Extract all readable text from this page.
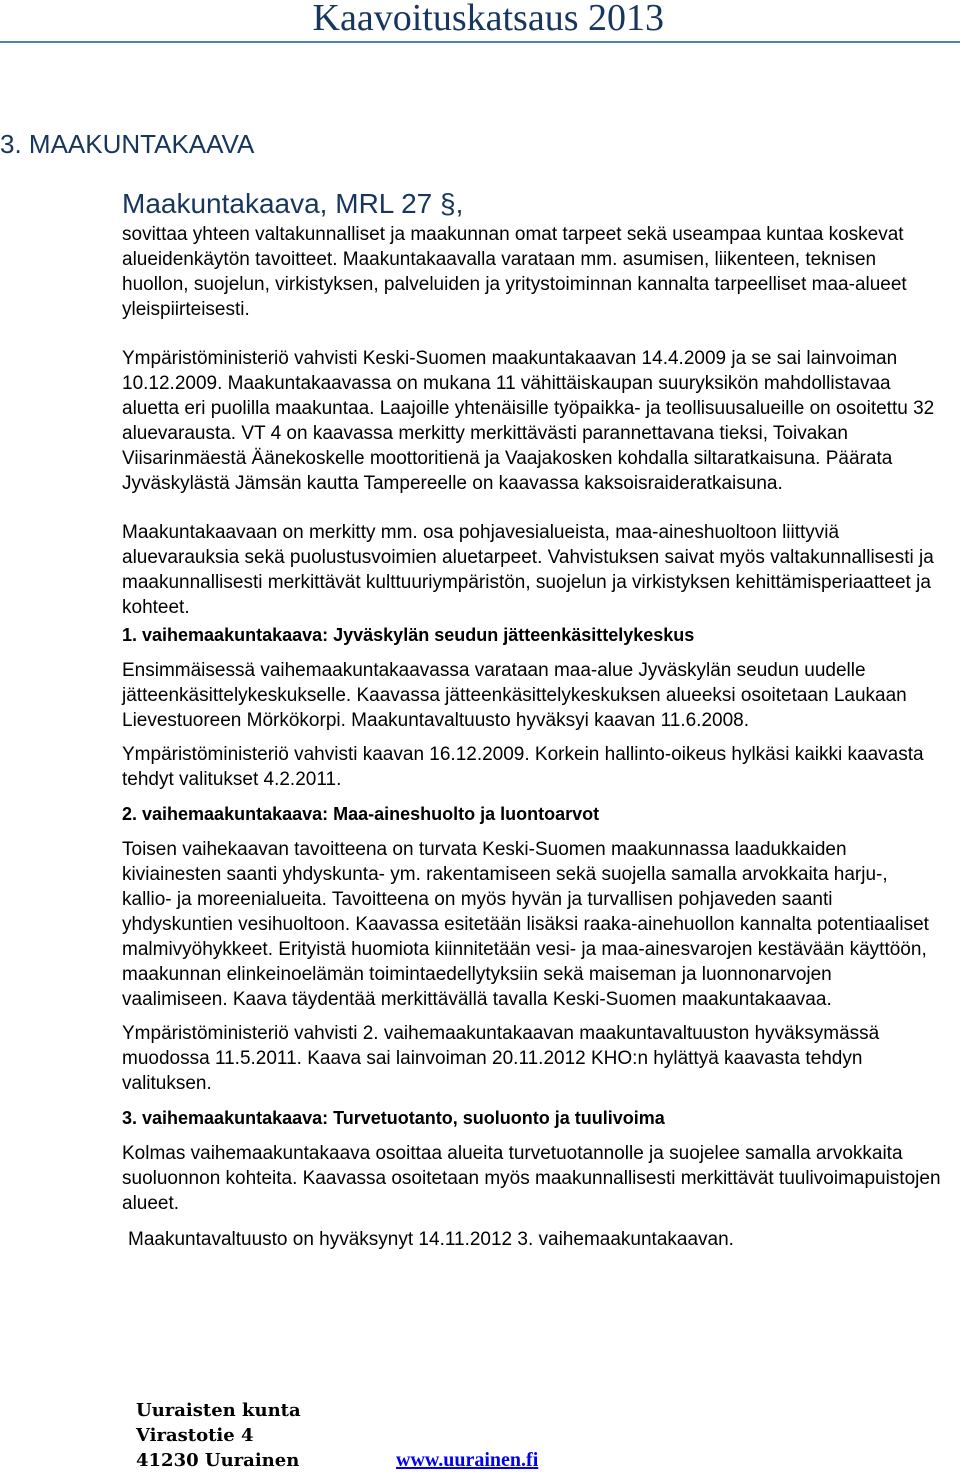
Kaavoituskatsaus 2013
3. MAAKUNTAKAAVA

Maakuntakaava, MRL 27 §,

sovittaa yhteen valtakunnalliset ja maakunnan omat tarpeet sekä useampaa kuntaa koskevat alueidenkäytön tavoitteet. Maakuntakaavalla varataan mm. asumisen, liikenteen, teknisen huollon, suojelun, virkistyksen, palveluiden ja yritystoiminnan kannalta tarpeelliset maa-alueet yleispiirteisesti.

Ympäristöministeriö vahvisti Keski-Suomen maakuntakaavan 14.4.2009 ja se sai lainvoiman 10.12.2009. Maakuntakaavassa on mukana 11 vähittäiskaupan suuryksikön mahdollistavaa aluetta eri puolilla maakuntaa. Laajoille yhtenäisille työpaikka- ja teollisuusalueille on osoitettu 32 aluevarausta. VT 4 on kaavassa merkitty merkittävästi parannettavana tieksi, Toivakan Viisarinmäestä Äänekoskelle moottoritienä ja Vaajakosken kohdalla siltaratkaisuna. Päärata Jyväskylästä Jämsän kautta Tampereelle on kaavassa kaksoisraideratkaisuna.

Maakuntakaavaan on merkitty mm. osa pohjavesialueista, maa-aineshuoltoon liittyviä aluevarauksia sekä puolustusvoimien aluetarpeet. Vahvistuksen saivat myös valtakunnallisesti ja maakunnallisesti merkittävät kulttuuriympäristön, suojelun ja virkistyksen kehittämisperiaatteet ja kohteet.

1. vaihemaakuntakaava: Jyväskylän seudun jätteenkäsittelykeskus

Ensimmäisessä vaihemaakuntakaavassa varataan maa-alue Jyväskylän seudun uudelle jätteenkäsittelykeskukselle. Kaavassa jätteenkäsittelykeskuksen alueeksi osoitetaan Laukaan Lievestuoreen Mörkökorpi. Maakuntavaltuusto hyväksyi kaavan 11.6.2008.

Ympäristöministeriö vahvisti kaavan 16.12.2009. Korkein hallinto-oikeus hylkäsi kaikki kaavasta tehdyt valitukset 4.2.2011.

2. vaihemaakuntakaava: Maa-aineshuolto ja luontoarvot

Toisen vaihekaavan tavoitteena on turvata Keski-Suomen maakunnassa laadukkaiden kiviainesten saanti yhdyskunta- ym. rakentamiseen sekä suojella samalla arvokkaita harju-, kallio- ja moreenialueita. Tavoitteena on myös hyvän ja turvallisen pohjaveden saanti yhdyskuntien vesihuoltoon. Kaavassa esitetään lisäksi raaka-ainehuollon kannalta potentiaaliset malmivyöhykkeet. Erityistä huomiota kiinnitetään vesi- ja maa-ainesvarojen kestävään käyttöön, maakunnan elinkeinoelämän toimintaedellytyksiin sekä maiseman ja luonnonarvojen vaalimiseen. Kaava täydentää merkittävällä tavalla Keski-Suomen maakuntakaavaa.

Ympäristöministeriö vahvisti 2. vaihemaakuntakaavan maakuntavaltuuston hyväksymässä muodossa 11.5.2011. Kaava sai lainvoiman 20.11.2012 KHO:n hylättyä kaavasta tehdyn valituksen.

3. vaihemaakuntakaava: Turvetuotanto, suoluonto ja tuulivoima

Kolmas vaihemaakuntakaava osoittaa alueita turvetuotannolle ja suojelee samalla arvokkaita suoluonnon kohteita. Kaavassa osoitetaan myös maakunnallisesti merkittävät tuulivoimapuistojen alueet.

Maakuntavaltuusto on hyväksynyt 14.11.2012 3. vaihemaakuntakaavan.

Uuraisten kunta
Virastotie 4
41230 Uurainen	www.uurainen.fi
